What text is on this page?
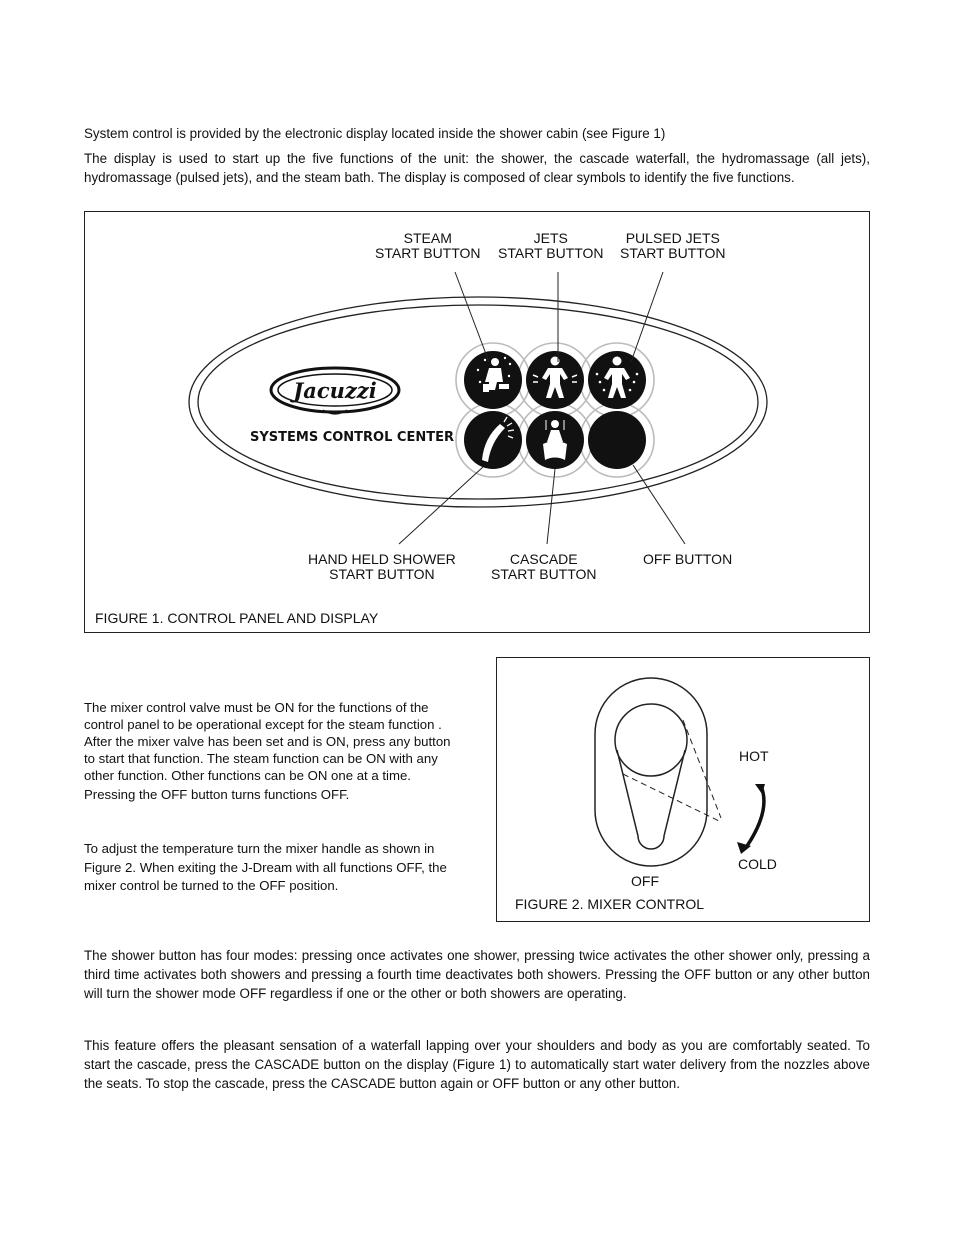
System control is provided by the electronic display located inside the shower cabin (see Figure 1)

The display is used to start up the five functions of the unit: the shower, the cascade waterfall, the hydromassage (all jets), hydromassage (pulsed jets), and the steam bath. The display is composed of clear symbols to identify the five functions.

Jacuzzi
SYSTEMS CONTROL CENTER
STEAM
START BUTTON
JETS
START BUTTON
PULSED JETS
START BUTTON
HAND HELD SHOWER
START BUTTON
CASCADE
START BUTTON
OFF BUTTON
FIGURE 1. CONTROL PANEL AND DISPLAY

The mixer control valve must be ON for the functions of the

control panel to be operational except for the steam function .

After the mixer valve has been set and is ON, press any button

to start that function. The steam function can be ON with any

other function. Other functions can be ON one at a time.

Pressing the OFF button turns functions OFF.

To adjust the temperature turn the mixer handle as shown in

Figure 2. When exiting the J-Dream with all functions OFF, the

mixer control be turned to the OFF position.

HOT
COLD
OFF
FIGURE 2. MIXER CONTROL

The shower button has four modes: pressing once activates one shower, pressing twice activates the other shower only, pressing a third time activates both showers and pressing a fourth time deactivates both showers. Pressing the OFF button or any other button will turn the shower mode OFF regardless if one or the other or both showers are operating.

This feature offers the pleasant sensation of a waterfall lapping over your shoulders and body as you are comfortably seated. To start the cascade, press the CASCADE button on the display (Figure 1) to automatically start water delivery from the nozzles above the seats. To stop the cascade, press the CASCADE button again or OFF button or any other button.
